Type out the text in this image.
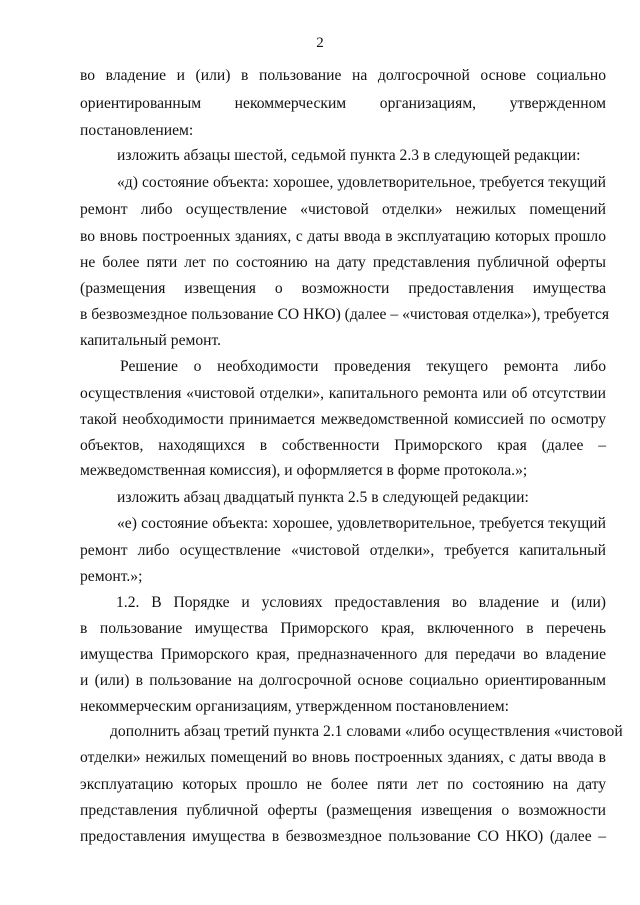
2
во владение и (или) в пользование на долгосрочной основе социально
ориентированным некоммерческим организациям, утвержденном
постановлением:
изложить абзацы шестой, седьмой пункта 2.3 в следующей редакции:
«д) состояние объекта: хорошее, удовлетворительное, требуется текущий
ремонт либо осуществление «чистовой отделки» нежилых помещений
во вновь построенных зданиях, с даты ввода в эксплуатацию которых прошло
не более пяти лет по состоянию на дату представления публичной оферты
(размещения извещения о возможности предоставления имущества
в безвозмездное пользование СО НКО) (далее – «чистовая отделка»), требуется
капитальный ремонт.
Решение о необходимости проведения текущего ремонта либо
осуществления «чистовой отделки», капитального ремонта или об отсутствии
такой необходимости принимается межведомственной комиссией по осмотру
объектов, находящихся в собственности Приморского края (далее –
межведомственная комиссия), и оформляется в форме протокола.»;
изложить абзац двадцатый пункта 2.5 в следующей редакции:
«е) состояние объекта: хорошее, удовлетворительное, требуется текущий
ремонт либо осуществление «чистовой отделки», требуется капитальный
ремонт.»;
1.2. В Порядке и условиях предоставления во владение и (или)
в пользование имущества Приморского края, включенного в перечень
имущества Приморского края, предназначенного для передачи во владение
и (или) в пользование на долгосрочной основе социально ориентированным
некоммерческим организациям, утвержденном постановлением:
дополнить абзац третий пункта 2.1 словами «либо осуществления «чистовой
отделки» нежилых помещений во вновь построенных зданиях, с даты ввода в
эксплуатацию которых прошло не более пяти лет по состоянию на дату
представления публичной оферты (размещения извещения о возможности
предоставления имущества в безвозмездное пользование СО НКО) (далее –
